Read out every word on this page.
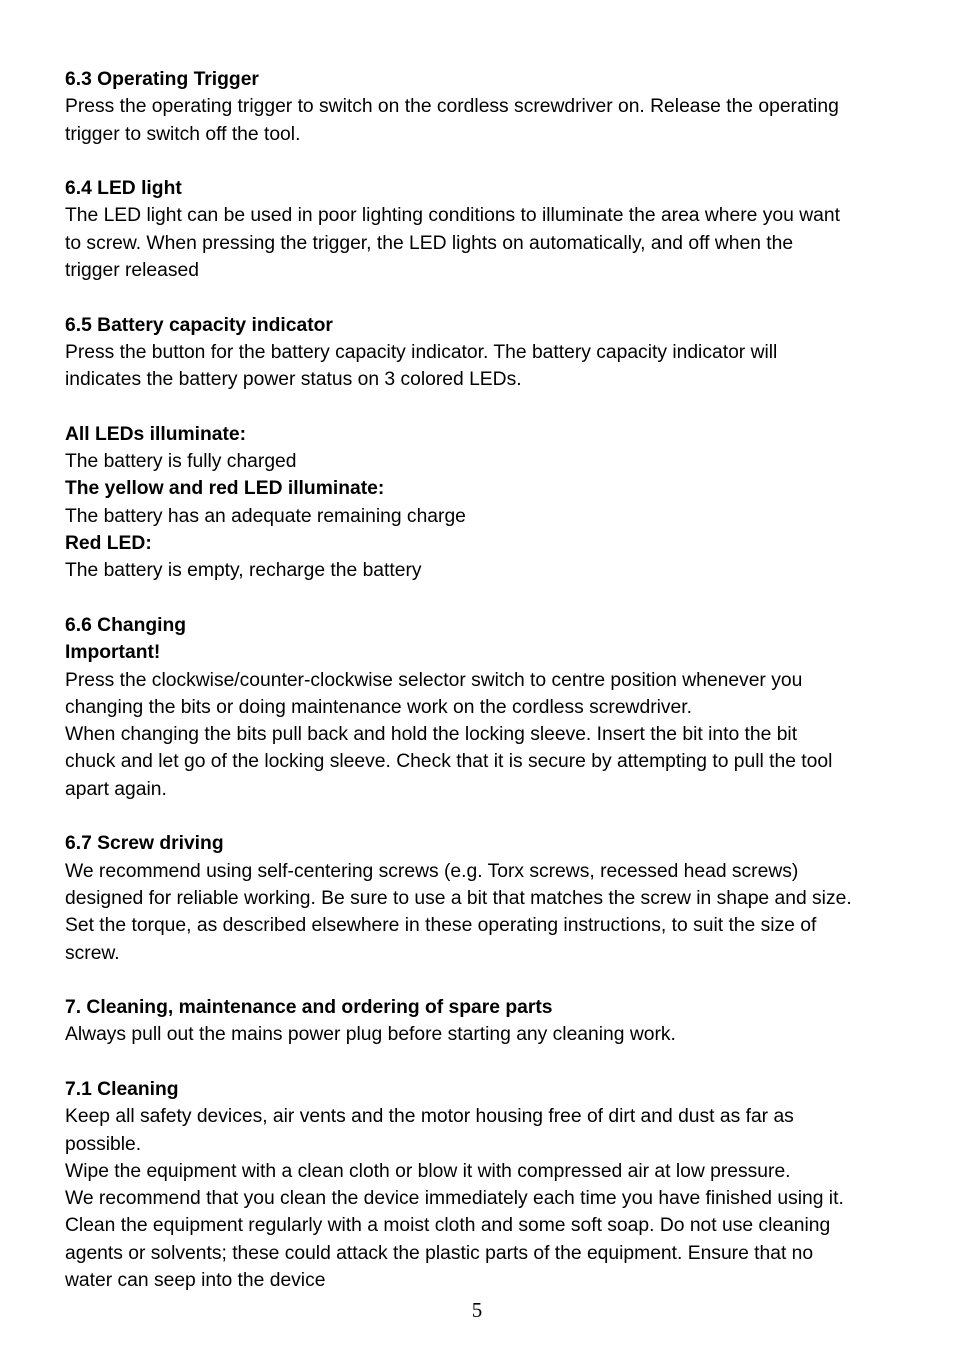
6.3 Operating Trigger
Press the operating trigger to switch on the cordless screwdriver on. Release the operating
trigger to switch off the tool.
6.4 LED light
The LED light can be used in poor lighting conditions to illuminate the area where you want
to screw. When pressing the trigger, the LED lights on automatically, and off when the
trigger released
6.5 Battery capacity indicator
Press the button for the battery capacity indicator. The battery capacity indicator will
indicates the battery power status on 3 colored LEDs.
All LEDs illuminate:
The battery is fully charged
The yellow and red LED illuminate:
The battery has an adequate remaining charge
Red LED:
The battery is empty, recharge the battery
6.6 Changing
Important!
Press the clockwise/counter-clockwise selector switch to centre position whenever you
changing the bits or doing maintenance work on the cordless screwdriver.
When changing the bits pull back and hold the locking sleeve. Insert the bit into the bit
chuck and let go of the locking sleeve. Check that it is secure by attempting to pull the tool
apart again.
6.7 Screw driving
We recommend using self-centering screws (e.g. Torx screws, recessed head screws)
designed for reliable working. Be sure to use a bit that matches the screw in shape and size.
Set the torque, as described elsewhere in these operating instructions, to suit the size of
screw.
7. Cleaning, maintenance and ordering of spare parts
Always pull out the mains power plug before starting any cleaning work.
7.1 Cleaning
Keep all safety devices, air vents and the motor housing free of dirt and dust as far as
possible.
Wipe the equipment with a clean cloth or blow it with compressed air at low pressure.
We recommend that you clean the device immediately each time you have finished using it.
Clean the equipment regularly with a moist cloth and some soft soap. Do not use cleaning
agents or solvents; these could attack the plastic parts of the equipment. Ensure that no
water can seep into the device
5
